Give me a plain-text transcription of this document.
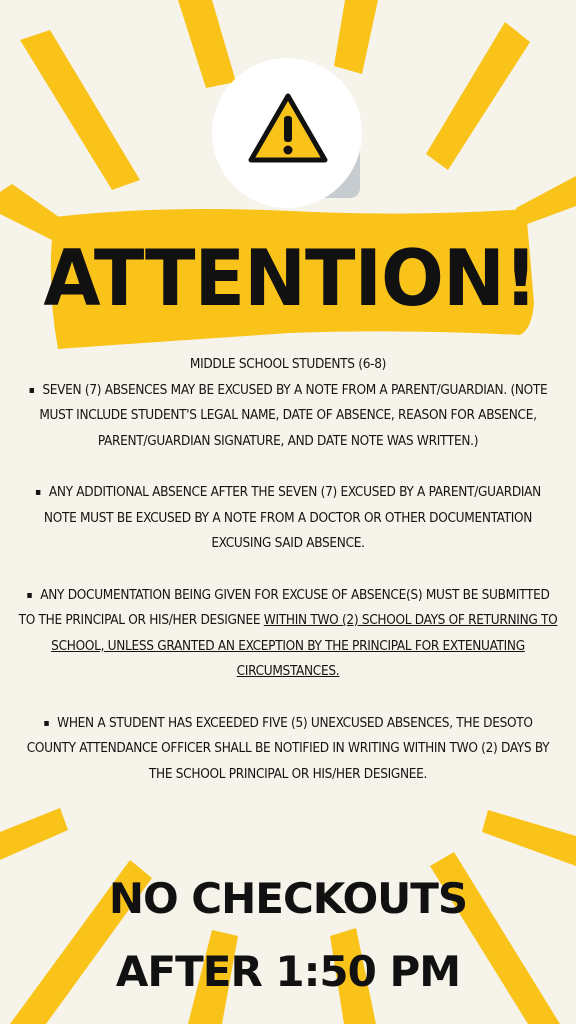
ATTENTION!

MIDDLE SCHOOL STUDENTS (6-8)

▪ SEVEN (7) ABSENCES MAY BE EXCUSED BY A NOTE FROM A PARENT/GUARDIAN. (NOTE MUST INCLUDE STUDENT'S LEGAL NAME, DATE OF ABSENCE, REASON FOR ABSENCE, PARENT/GUARDIAN SIGNATURE, AND DATE NOTE WAS WRITTEN.)

▪ ANY ADDITIONAL ABSENCE AFTER THE SEVEN (7) EXCUSED BY A PARENT/GUARDIAN NOTE MUST BE EXCUSED BY A NOTE FROM A DOCTOR OR OTHER DOCUMENTATION EXCUSING SAID ABSENCE.

▪ ANY DOCUMENTATION BEING GIVEN FOR EXCUSE OF ABSENCE(S) MUST BE SUBMITTED TO THE PRINCIPAL OR HIS/HER DESIGNEE WITHIN TWO (2) SCHOOL DAYS OF RETURNING TO SCHOOL, UNLESS GRANTED AN EXCEPTION BY THE PRINCIPAL FOR EXTENUATING CIRCUMSTANCES.

▪ WHEN A STUDENT HAS EXCEEDED FIVE (5) UNEXCUSED ABSENCES, THE DESOTO COUNTY ATTENDANCE OFFICER SHALL BE NOTIFIED IN WRITING WITHIN TWO (2) DAYS BY THE SCHOOL PRINCIPAL OR HIS/HER DESIGNEE.

NO CHECKOUTS
AFTER 1:50 PM
